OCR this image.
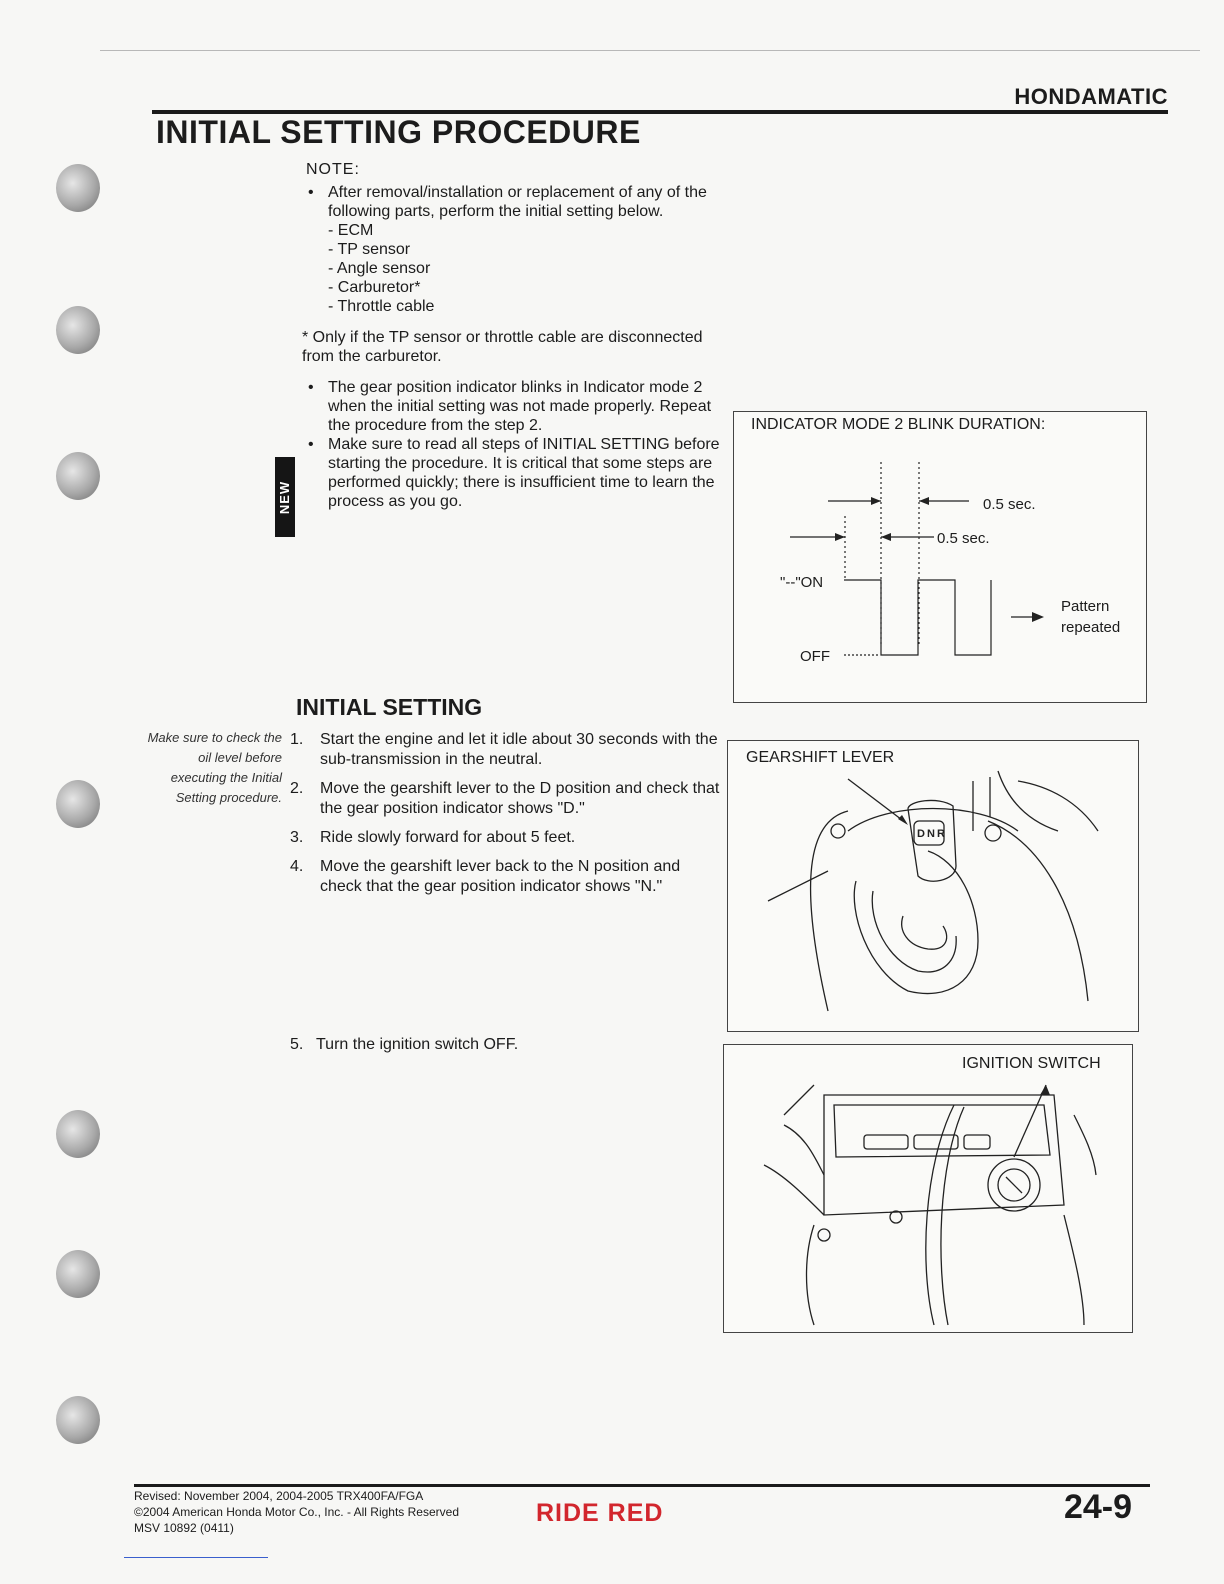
HONDAMATIC
INITIAL SETTING PROCEDURE
NOTE:
• After removal/installation or replacement of any of the following parts, perform the initial setting below.
- ECM
- TP sensor
- Angle sensor
- Carburetor*
- Throttle cable
* Only if the TP sensor or throttle cable are disconnected from the carburetor.
• The gear position indicator blinks in Indicator mode 2 when the initial setting was not made properly. Repeat the procedure from the step 2.
• Make sure to read all steps of INITIAL SETTING before starting the procedure. It is critical that some steps are performed quickly; there is insufficient time to learn the process as you go.
NEW
INDICATOR MODE 2 BLINK DURATION:
0.5 sec.
0.5 sec.
"--"ON
OFF
Pattern
repeated
INITIAL SETTING
Make sure to check the oil level before executing the Initial Setting procedure.
1.	Start the engine and let it idle about 30 seconds with the sub-transmission in the neutral.
2.	Move the gearshift lever to the D position and check that the gear position indicator shows "D."
3.	Ride slowly forward for about 5 feet.
4.	Move the gearshift lever back to the N position and check that the gear position indicator shows "N."
5. Turn the ignition switch OFF.
GEARSHIFT LEVER
D N R
IGNITION SWITCH
Revised: November 2004, 2004-2005 TRX400FA/FGA
©2004 American Honda Motor Co., Inc. - All Rights Reserved
MSV 10892 (0411)
RIDE RED	24-9
